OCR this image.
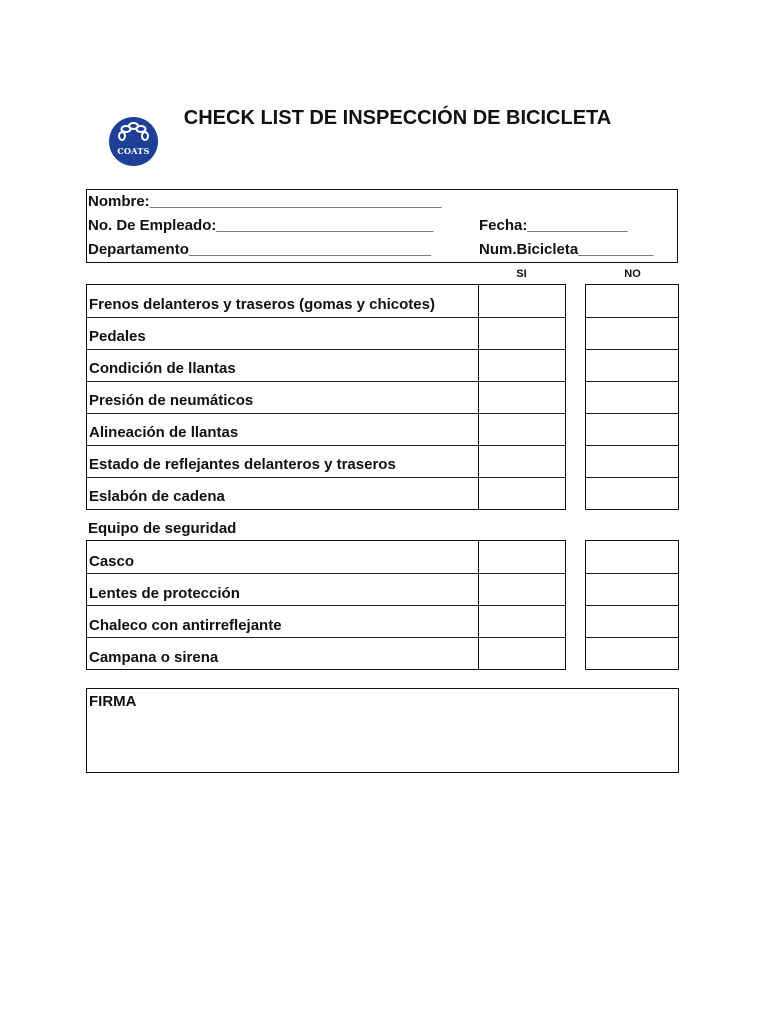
COATS
CHECK LIST DE INSPECCIÓN DE BICICLETA
Nombre:___________________________________
No. De Empleado:__________________________	Fecha:____________
Departamento_____________________________	Num.Bicicleta_________
SI	NO
Frenos delanteros y traseros (gomas y chicotes)
Pedales
Condición de llantas
Presión de neumáticos
Alineación de llantas
Estado de reflejantes delanteros y traseros
Eslabón de cadena
Equipo de seguridad
Casco
Lentes de protección
Chaleco con antirreflejante
Campana o sirena
FIRMA
